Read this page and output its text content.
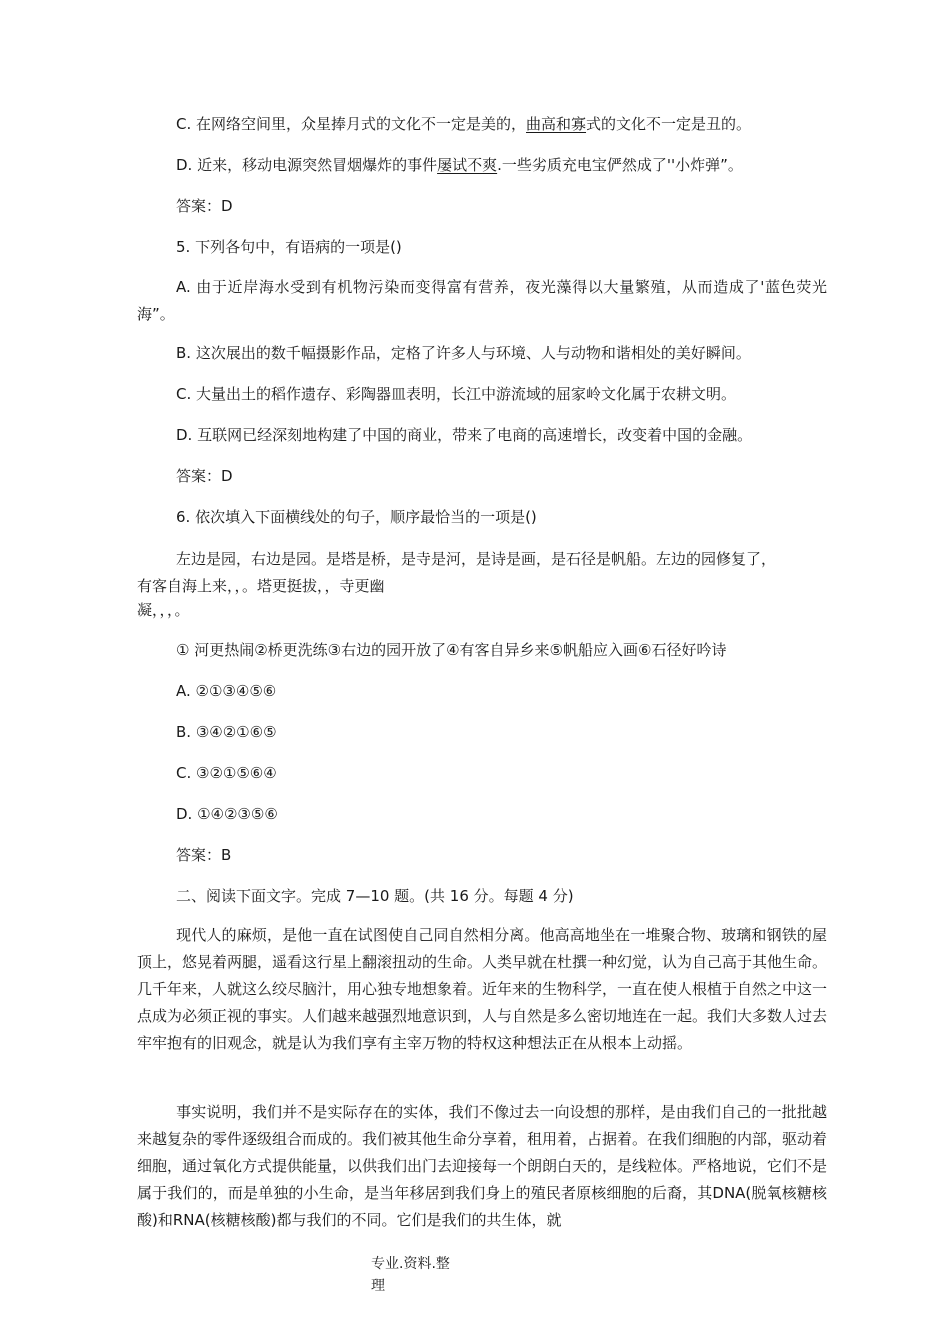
C. 在网络空间里，众星捧月式的文化不一定是美的，曲高和寡式的文化不一定是丑的。
D. 近来，移动电源突然冒烟爆炸的事件屡试不爽.一些劣质充电宝俨然成了''小炸弹”。
答案：D
5. 下列各句中，有语病的一项是()
A. 由于近岸海水受到有机物污染而变得富有营养，夜光藻得以大量繁殖，从而造成了'蓝色荧光海”。
B. 这次展出的数千幅摄影作品，定格了许多人与环境、人与动物和谐相处的美好瞬间。
C. 大量出土的稻作遗存、彩陶器皿表明，长江中游流域的屈家岭文化属于农耕文明。
D. 互联网已经深刻地构建了中国的商业，带来了电商的高速增长，改变着中国的金融。
答案：D
6. 依次填入下面横线处的句子，顺序最恰当的一项是()
左边是园，右边是园。是塔是桥，是寺是河，是诗是画，是石径是帆船。左边的园修复了，
有客自海上来，，。塔更挺拔，，寺更幽
凝，，，。
① 河更热闹②桥更洗练③右边的园开放了④有客自异乡来⑤帆船应入画⑥石径好吟诗
A. ②①③④⑤⑥
B. ③④②①⑥⑤
C. ③②①⑤⑥④
D. ①④②③⑤⑥
答案：B
二、阅读下面文字。完成 7—10 题。(共 16 分。每题 4 分)
现代人的麻烦，是他一直在试图使自己同自然相分离。他高高地坐在一堆聚合物、玻璃和钢铁的屋顶上，悠晃着两腿，遥看这行星上翻滚扭动的生命。人类早就在杜撰一种幻觉，认为自己高于其他生命。几千年来，人就这么绞尽脑汁，用心独专地想象着。近年来的生物科学，一直在使人根植于自然之中这一点成为必须正视的事实。人们越来越强烈地意识到，人与自然是多么密切地连在一起。我们大多数人过去牢牢抱有的旧观念，就是认为我们享有主宰万物的特权这种想法正在从根本上动摇。
事实说明，我们并不是实际存在的实体，我们不像过去一向设想的那样，是由我们自己的一批批越来越复杂的零件逐级组合而成的。我们被其他生命分享着，租用着，占据着。在我们细胞的内部，驱动着细胞，通过氧化方式提供能量，以供我们出门去迎接每一个朗朗白天的，是线粒体。严格地说，它们不是属于我们的，而是单独的小生命，是当年移居到我们身上的殖民者原核细胞的后裔，其DNA(脱氧核糖核酸)和RNA(核糖核酸)都与我们的不同。它们是我们的共生体，就
专业.资料.整
理
